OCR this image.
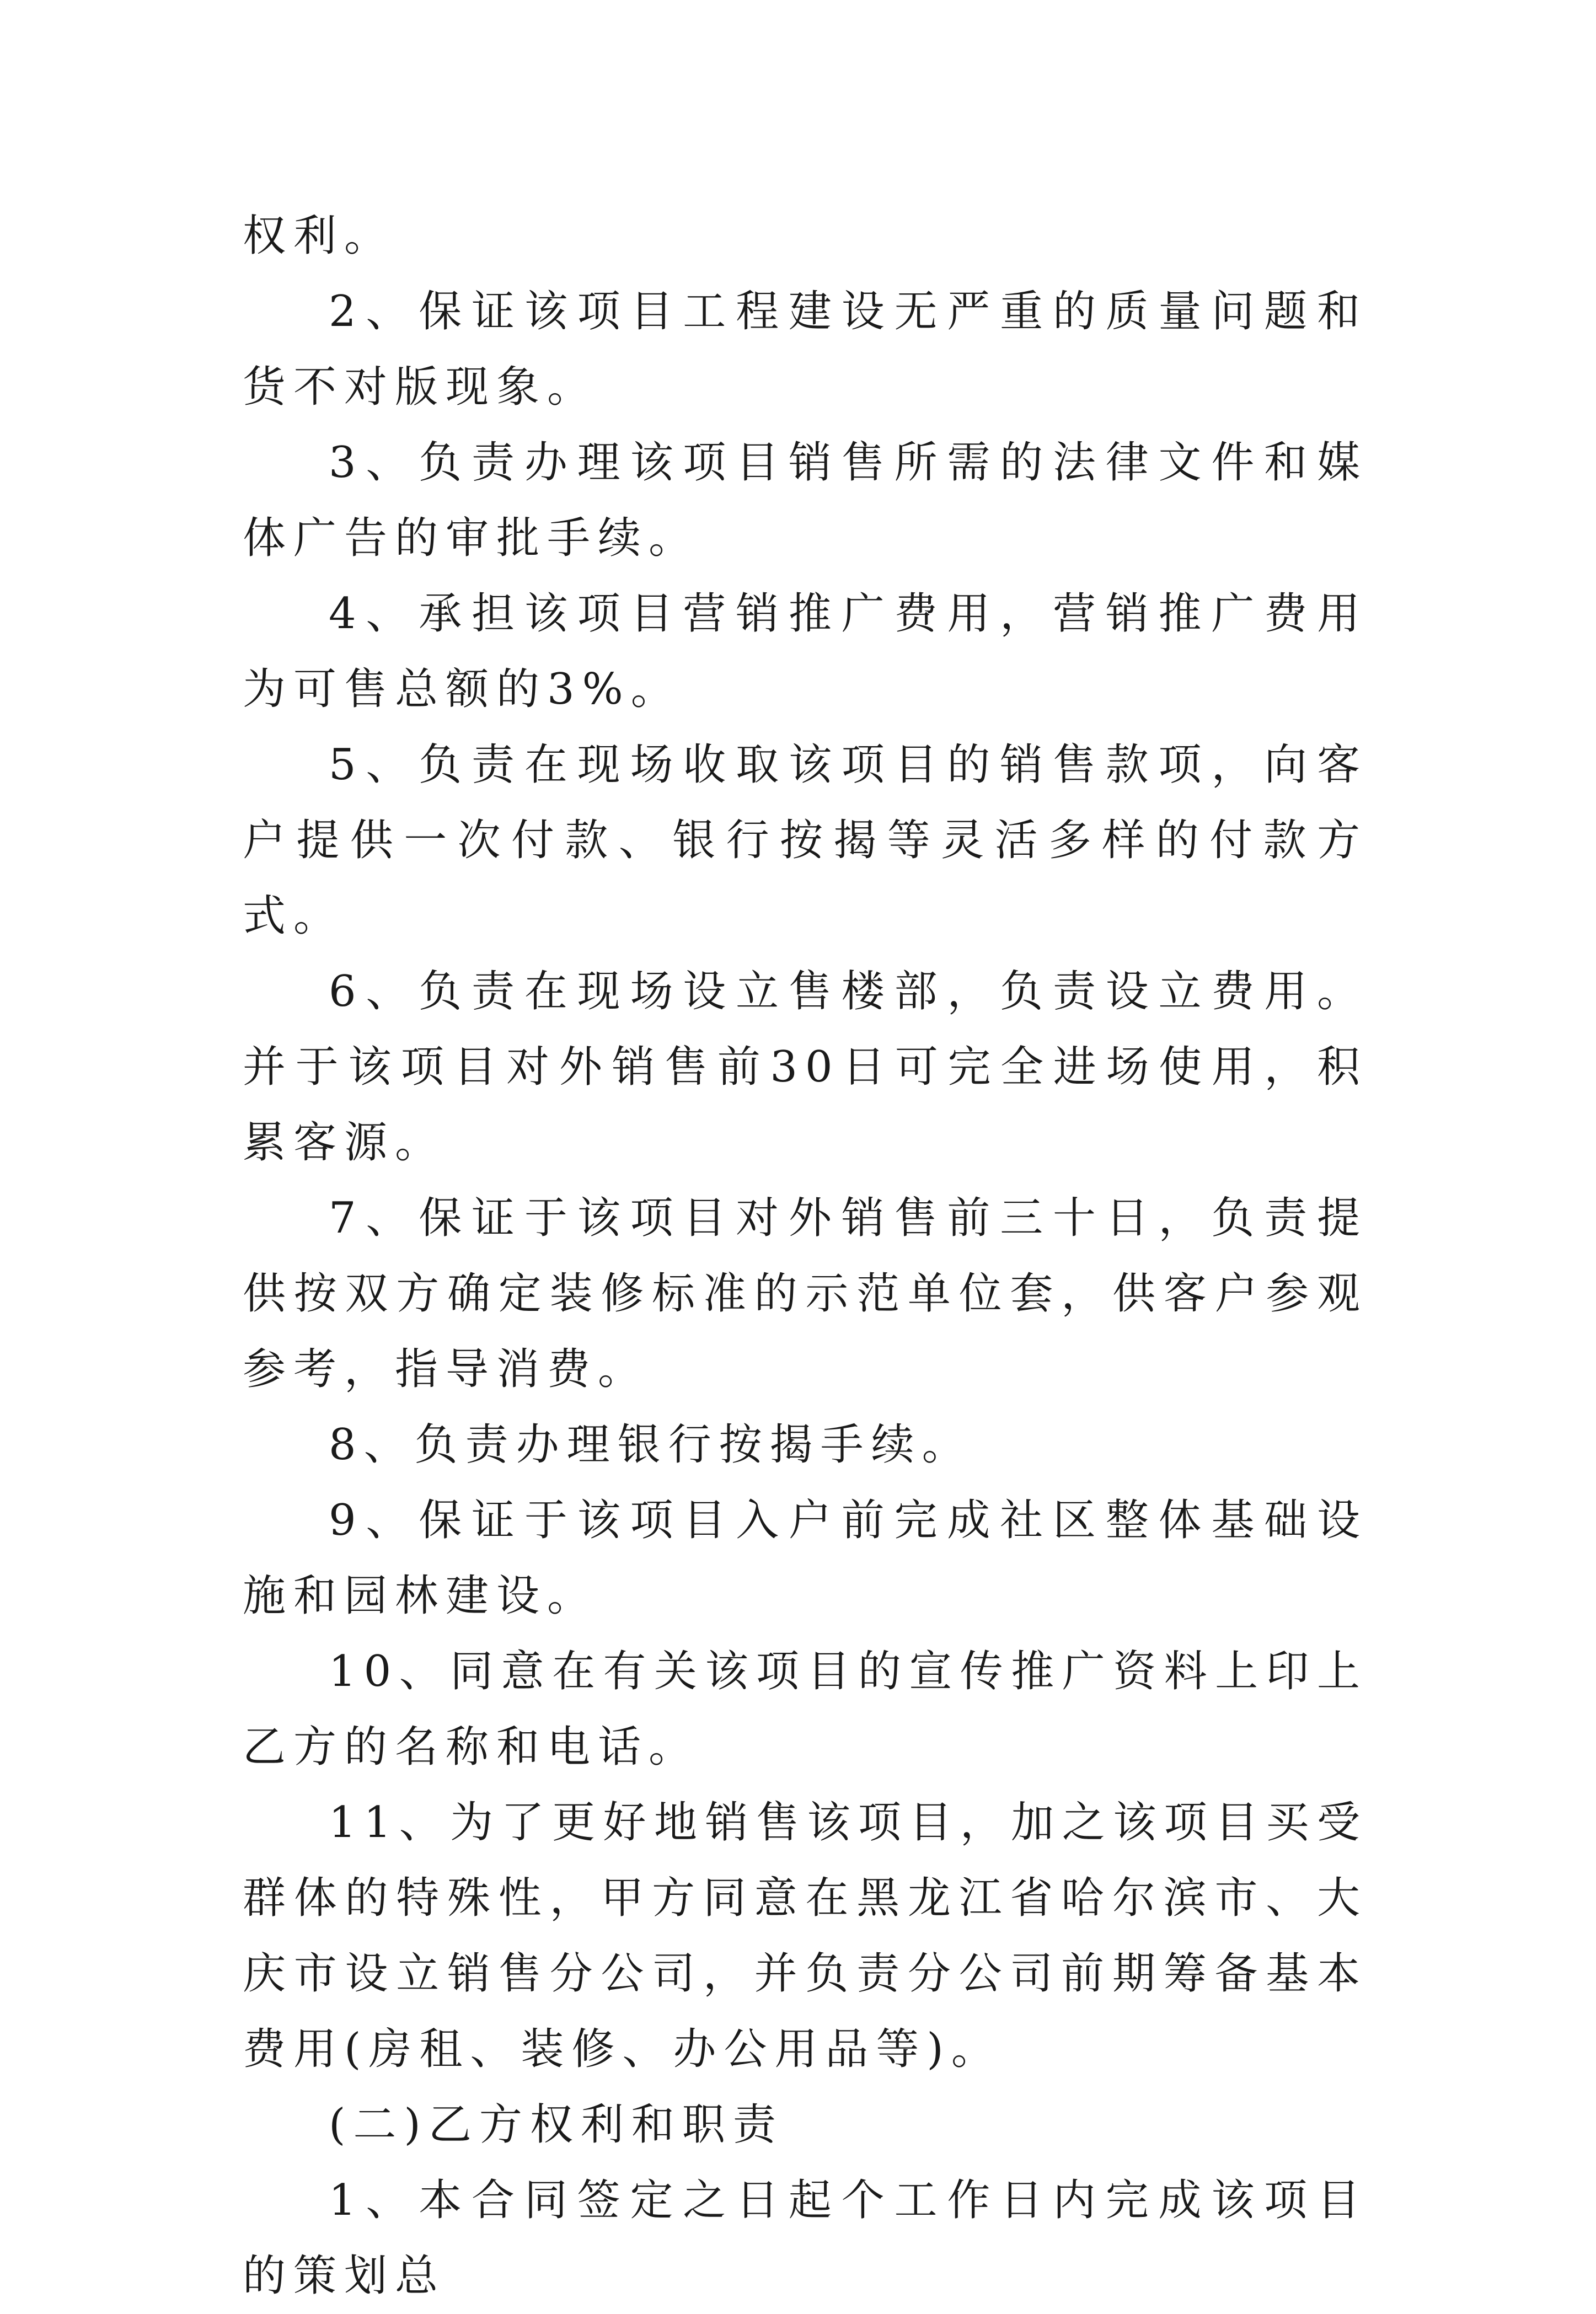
权利。

2、保证该项目工程建设无严重的质量问题和货不对版现象。

3、负责办理该项目销售所需的法律文件和媒体广告的审批手续。

4、承担该项目营销推广费用，营销推广费用为可售总额的3%。

5、负责在现场收取该项目的销售款项，向客户提供一次付款、银行按揭等灵活多样的付款方式。

6、负责在现场设立售楼部，负责设立费用。并于该项目对外销售前30日可完全进场使用，积累客源。

7、保证于该项目对外销售前三十日，负责提供按双方确定装修标准的示范单位套，供客户参观参考，指导消费。

8、负责办理银行按揭手续。

9、保证于该项目入户前完成社区整体基础设施和园林建设。

10、同意在有关该项目的宣传推广资料上印上乙方的名称和电话。

11、为了更好地销售该项目，加之该项目买受群体的特殊性，甲方同意在黑龙江省哈尔滨市、大庆市设立销售分公司，并负责分公司前期筹备基本费用(房租、装修、办公用品等)。

(二)乙方权利和职责

1、本合同签定之日起个工作日内完成该项目的策划总
